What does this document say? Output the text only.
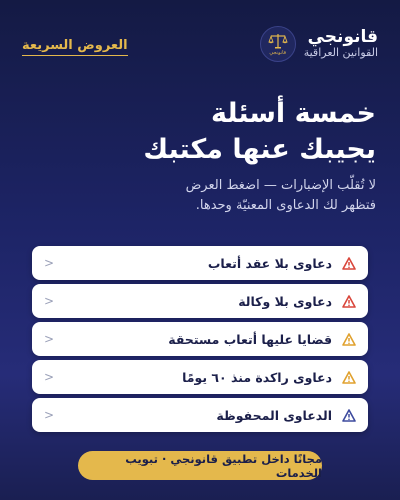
قانونجي
قانونجي
القوانين العراقية
العروض السريعة
خمسة أسئلة
يجيبك عنها مكتبك
لا تُقلّب الإضبارات — اضغط العرض
فتظهر لك الدعاوى المعنيّة وحدها.
دعاوى بلا عقد أتعاب
<
دعاوى بلا وكالة
<
قضايا عليها أتعاب مستحقة
<
دعاوى راكدة منذ ٦٠ يومًا
<
الدعاوى المحفوظة
<
مجانًا داخل تطبيق قانونجي · تبويب الخدمات
